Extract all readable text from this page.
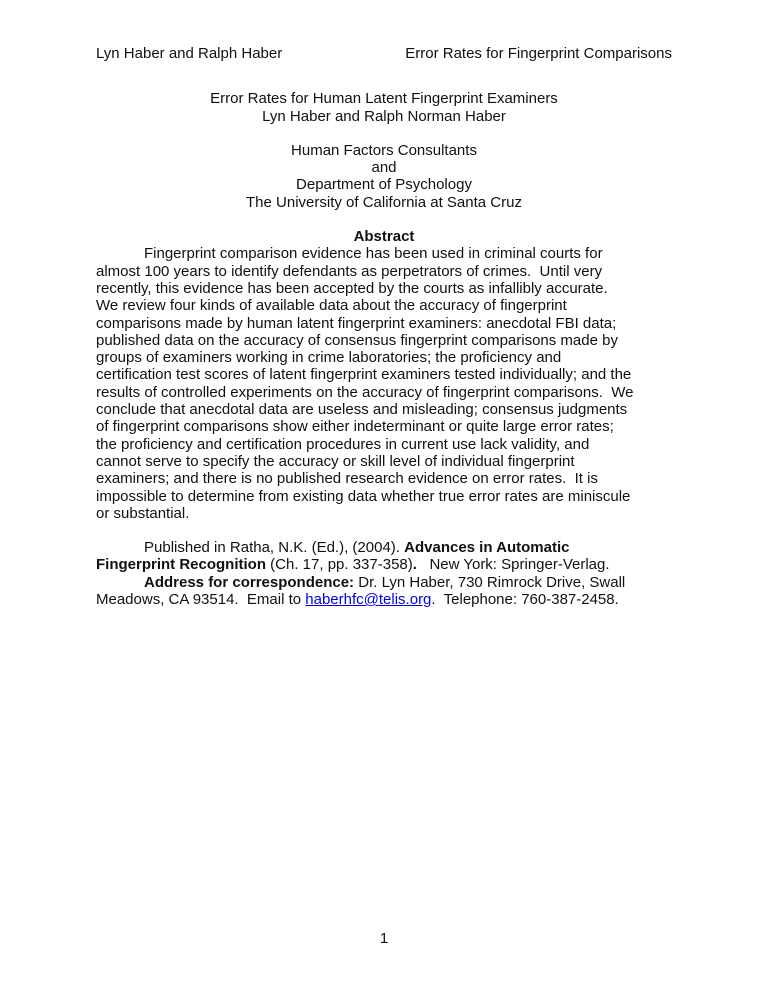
Lyn Haber and Ralph Haber	Error Rates for Fingerprint Comparisons
Error Rates for Human Latent Fingerprint Examiners
Lyn Haber and Ralph Norman Haber
Human Factors Consultants
and
Department of Psychology
The University of California at Santa Cruz
Abstract
Fingerprint comparison evidence has been used in criminal courts for
almost 100 years to identify defendants as perpetrators of crimes.  Until very
recently, this evidence has been accepted by the courts as infallibly accurate.
We review four kinds of available data about the accuracy of fingerprint
comparisons made by human latent fingerprint examiners: anecdotal FBI data;
published data on the accuracy of consensus fingerprint comparisons made by
groups of examiners working in crime laboratories; the proficiency and
certification test scores of latent fingerprint examiners tested individually; and the
results of controlled experiments on the accuracy of fingerprint comparisons.  We
conclude that anecdotal data are useless and misleading; consensus judgments
of fingerprint comparisons show either indeterminant or quite large error rates;
the proficiency and certification procedures in current use lack validity, and
cannot serve to specify the accuracy or skill level of individual fingerprint
examiners; and there is no published research evidence on error rates.  It is
impossible to determine from existing data whether true error rates are miniscule
or substantial.
Published in Ratha, N.K. (Ed.), (2004). Advances in Automatic
Fingerprint Recognition (Ch. 17, pp. 337-358).   New York: Springer-Verlag.
Address for correspondence: Dr. Lyn Haber, 730 Rimrock Drive, Swall
Meadows, CA 93514.  Email to haberhfc@telis.org.  Telephone: 760-387-2458.
1
